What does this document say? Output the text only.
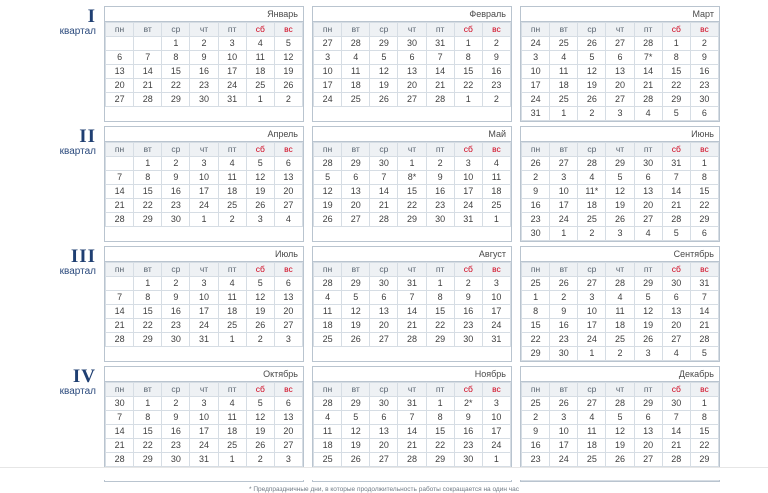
I
квартал
Январь
пн	вт	ср	чт	пт	сб	вс
		1	2	3	4	5
6	7	8	9	10	11	12
13	14	15	16	17	18	19
20	21	22	23	24	25	26
27	28	29	30	31	1	2
Февраль
пн	вт	ср	чт	пт	сб	вс
27	28	29	30	31	1	2
3	4	5	6	7	8	9
10	11	12	13	14	15	16
17	18	19	20	21	22	23
24	25	26	27	28	1	2
Март
пн	вт	ср	чт	пт	сб	вс
24	25	26	27	28	1	2
3	4	5	6	7*	8	9
10	11	12	13	14	15	16
17	18	19	20	21	22	23
24	25	26	27	28	29	30
31	1	2	3	4	5	6
II
квартал
Апрель
пн	вт	ср	чт	пт	сб	вс
	1	2	3	4	5	6
7	8	9	10	11	12	13
14	15	16	17	18	19	20
21	22	23	24	25	26	27
28	29	30	1	2	3	4
Май
пн	вт	ср	чт	пт	сб	вс
28	29	30	1	2	3	4
5	6	7	8*	9	10	11
12	13	14	15	16	17	18
19	20	21	22	23	24	25
26	27	28	29	30	31	1
Июнь
пн	вт	ср	чт	пт	сб	вс
26	27	28	29	30	31	1
2	3	4	5	6	7	8
9	10	11*	12	13	14	15
16	17	18	19	20	21	22
23	24	25	26	27	28	29
30	1	2	3	4	5	6
III
квартал
Июль
пн	вт	ср	чт	пт	сб	вс
	1	2	3	4	5	6
7	8	9	10	11	12	13
14	15	16	17	18	19	20
21	22	23	24	25	26	27
28	29	30	31	1	2	3
Август
пн	вт	ср	чт	пт	сб	вс
28	29	30	31	1	2	3
4	5	6	7	8	9	10
11	12	13	14	15	16	17
18	19	20	21	22	23	24
25	26	27	28	29	30	31
Сентябрь
пн	вт	ср	чт	пт	сб	вс
25	26	27	28	29	30	31
1	2	3	4	5	6	7
8	9	10	11	12	13	14
15	16	17	18	19	20	21
22	23	24	25	26	27	28
29	30	1	2	3	4	5
IV
квартал
Октябрь
пн	вт	ср	чт	пт	сб	вс
30	1	2	3	4	5	6
7	8	9	10	11	12	13
14	15	16	17	18	19	20
21	22	23	24	25	26	27
28	29	30	31	1	2	3
Ноябрь
пн	вт	ср	чт	пт	сб	вс
28	29	30	31	1	2*	3
4	5	6	7	8	9	10
11	12	13	14	15	16	17
18	19	20	21	22	23	24
25	26	27	28	29	30	1
Декабрь
пн	вт	ср	чт	пт	сб	вс
25	26	27	28	29	30	1
2	3	4	5	6	7	8
9	10	11	12	13	14	15
16	17	18	19	20	21	22
23	24	25	26	27	28	29

* Предпраздничные дни, в которые продолжительность работы сокращается на один час
